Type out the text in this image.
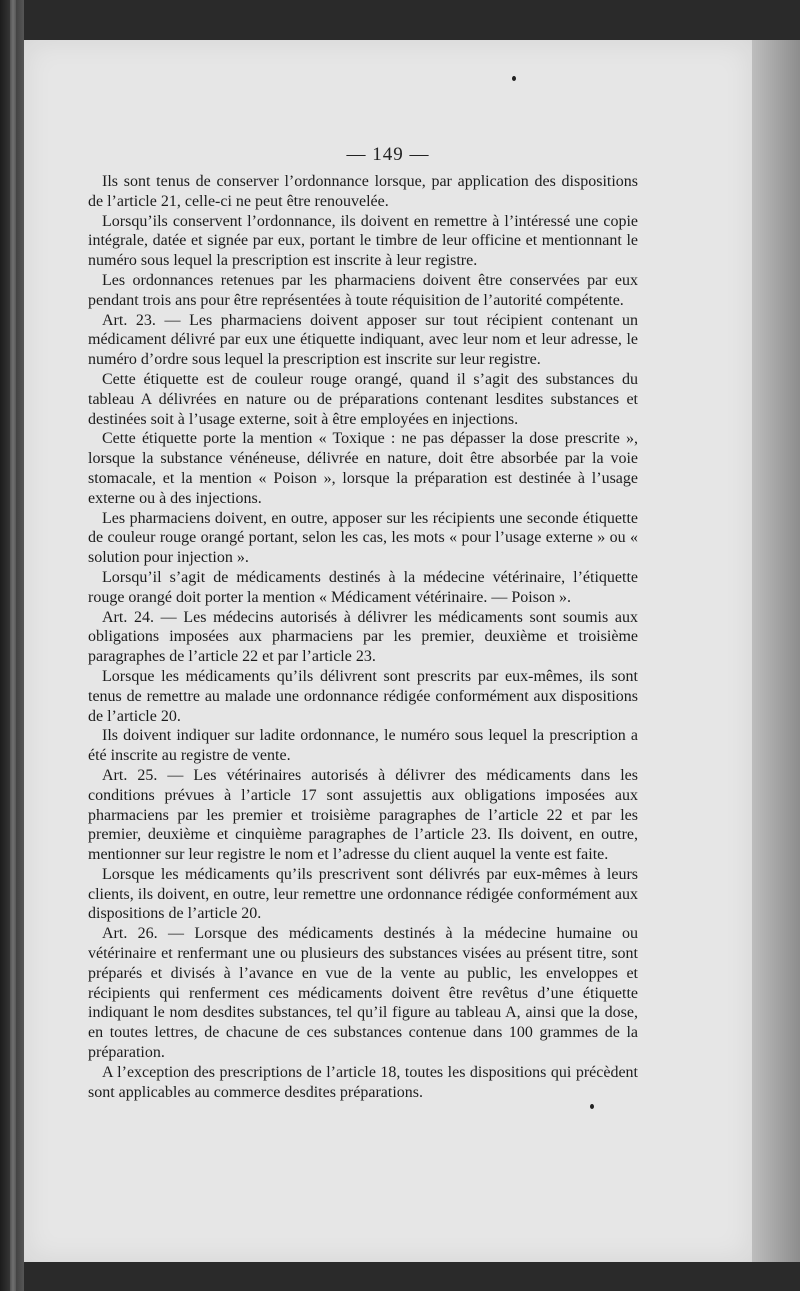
— 149 —

Ils sont tenus de conserver l’ordonnance lorsque, par application des dispositions de l’article 21, celle-ci ne peut être renouvelée.

Lorsqu’ils conservent l’ordonnance, ils doivent en remettre à l’intéressé une copie intégrale, datée et signée par eux, portant le timbre de leur officine et mentionnant le numéro sous lequel la prescription est inscrite à leur registre.

Les ordonnances retenues par les pharmaciens doivent être conservées par eux pendant trois ans pour être représentées à toute réquisition de l’autorité compétente.

Art. 23. — Les pharmaciens doivent apposer sur tout récipient contenant un médicament délivré par eux une étiquette indiquant, avec leur nom et leur adresse, le numéro d’ordre sous lequel la prescription est inscrite sur leur registre.

Cette étiquette est de couleur rouge orangé, quand il s’agit des substances du tableau A délivrées en nature ou de préparations contenant lesdites substances et destinées soit à l’usage externe, soit à être employées en injections.

Cette étiquette porte la mention « Toxique : ne pas dépasser la dose prescrite », lorsque la substance vénéneuse, délivrée en nature, doit être absorbée par la voie stomacale, et la mention « Poison », lorsque la préparation est destinée à l’usage externe ou à des injections.

Les pharmaciens doivent, en outre, apposer sur les récipients une seconde étiquette de couleur rouge orangé portant, selon les cas, les mots « pour l’usage externe » ou « solution pour injection ».

Lorsqu’il s’agit de médicaments destinés à la médecine vétérinaire, l’étiquette rouge orangé doit porter la mention « Médicament vétérinaire. — Poison ».

Art. 24. — Les médecins autorisés à délivrer les médicaments sont soumis aux obligations imposées aux pharmaciens par les premier, deuxième et troisième paragraphes de l’article 22 et par l’article 23.

Lorsque les médicaments qu’ils délivrent sont prescrits par eux-mêmes, ils sont tenus de remettre au malade une ordonnance rédigée conformément aux dispositions de l’article 20.

Ils doivent indiquer sur ladite ordonnance, le numéro sous lequel la prescription a été inscrite au registre de vente.

Art. 25. — Les vétérinaires autorisés à délivrer des médicaments dans les conditions prévues à l’article 17 sont assujettis aux obligations imposées aux pharmaciens par les premier et troisième paragraphes de l’article 22 et par les premier, deuxième et cinquième paragraphes de l’article 23. Ils doivent, en outre, mentionner sur leur registre le nom et l’adresse du client auquel la vente est faite.

Lorsque les médicaments qu’ils prescrivent sont délivrés par eux-mêmes à leurs clients, ils doivent, en outre, leur remettre une ordonnance rédigée conformément aux dispositions de l’article 20.

Art. 26. — Lorsque des médicaments destinés à la médecine humaine ou vétérinaire et renfermant une ou plusieurs des substances visées au présent titre, sont préparés et divisés à l’avance en vue de la vente au public, les enveloppes et récipients qui renferment ces médicaments doivent être revêtus d’une étiquette indiquant le nom desdites substances, tel qu’il figure au tableau A, ainsi que la dose, en toutes lettres, de chacune de ces substances contenue dans 100 grammes de la préparation.

A l’exception des prescriptions de l’article 18, toutes les dispositions qui précèdent sont applicables au commerce desdites préparations.
